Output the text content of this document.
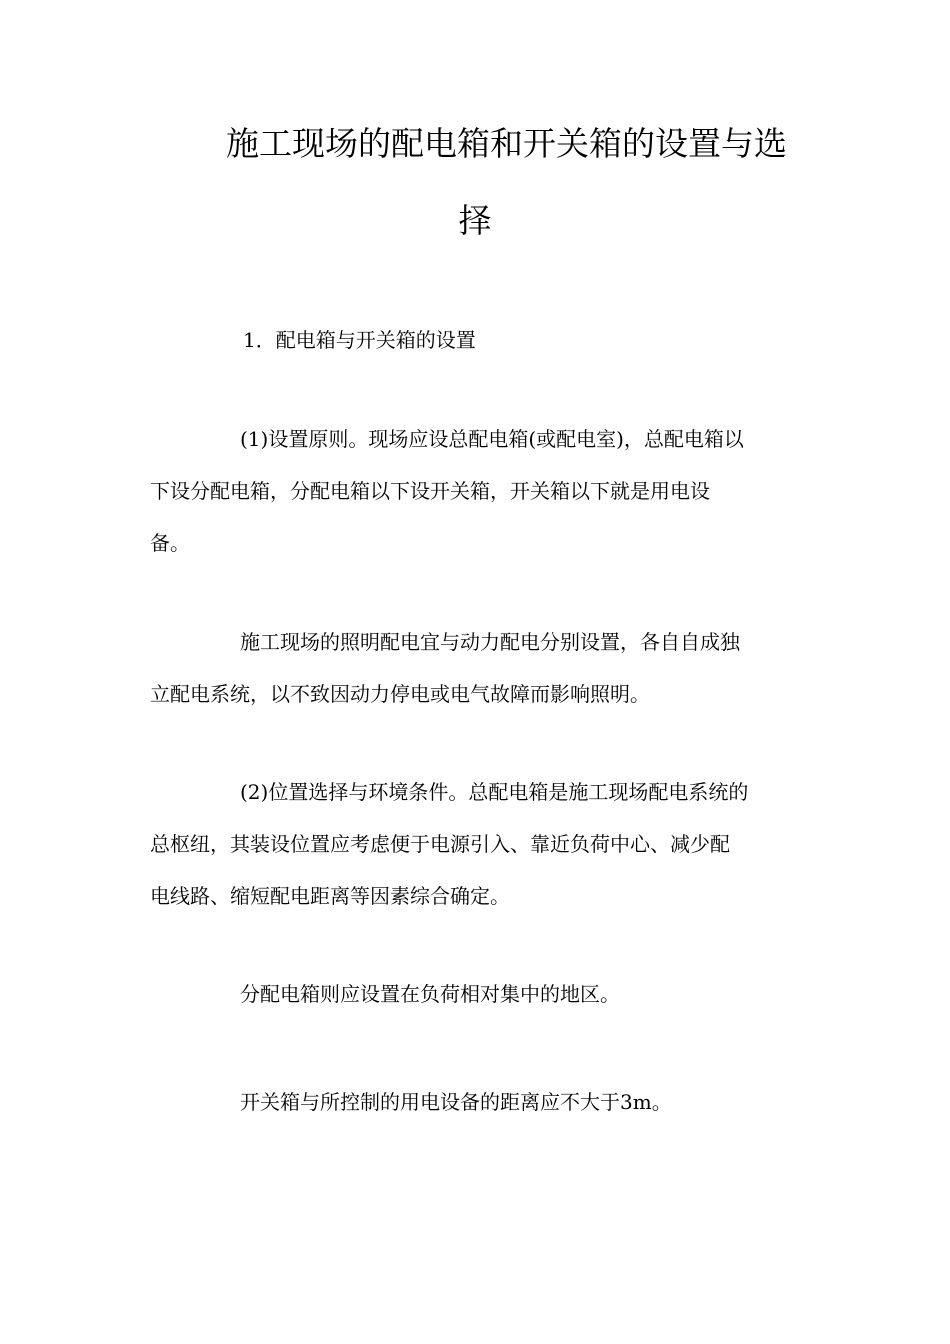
施工现场的配电箱和开关箱的设置与选
择
1．配电箱与开关箱的设置
(1)设置原则。现场应设总配电箱(或配电室)，总配电箱以
下设分配电箱，分配电箱以下设开关箱，开关箱以下就是用电设
备。
施工现场的照明配电宜与动力配电分别设置，各自自成独
立配电系统，以不致因动力停电或电气故障而影响照明。
(2)位置选择与环境条件。总配电箱是施工现场配电系统的
总枢纽，其装设位置应考虑便于电源引入、靠近负荷中心、减少配
电线路、缩短配电距离等因素综合确定。
分配电箱则应设置在负荷相对集中的地区。
开关箱与所控制的用电设备的距离应不大于3m。
